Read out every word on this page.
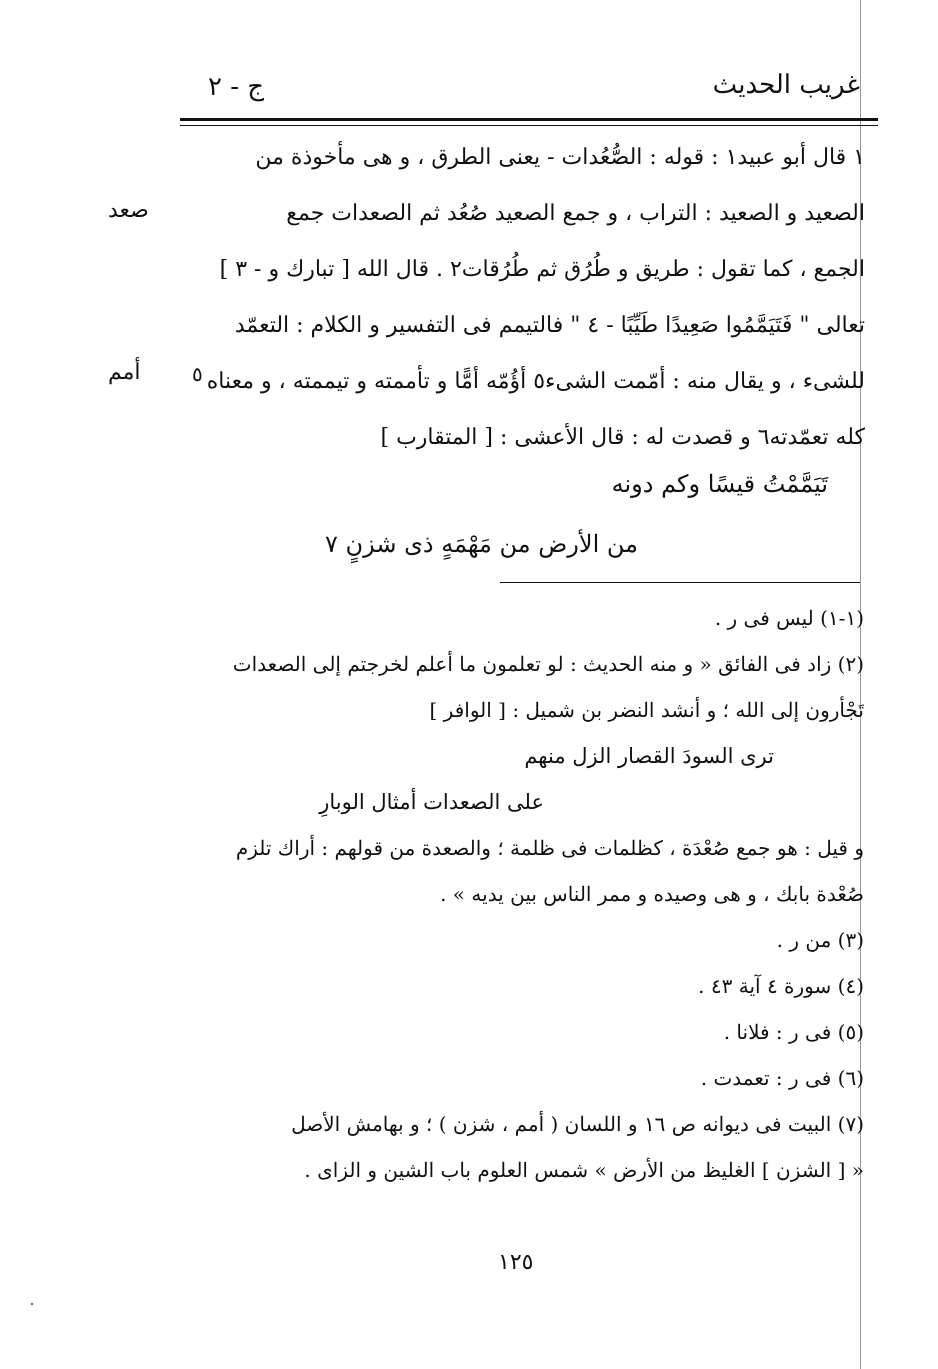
غريب الحديث
ج - ٢
١ قال أبو عبيد١ : قوله : الصُّعُدات - يعنى الطرق ، و هى مأخوذة من
الصعيد و الصعيد : التراب ، و جمع الصعيد صُعُد ثم الصعدات جمع
الجمع ، كما تقول : طريق و طُرُق ثم طُرُقات٢ . قال الله [ تبارك و - ٣ ]
تعالى " فَتَيَمَّمُوا صَعِيدًا طَيِّبًا - ٤ " فالتيمم فى التفسير و الكلام : التعمّد
للشىء ، و يقال منه : أمّمت الشىء٥ أؤُمّه أمًّا و تأممته و تيممته ، و معناه
كله تعمّدته٦ و قصدت له : قال الأعشى : [ المتقارب ]
تَيَمَّمْتُ قيسًا وكم دونه
من الأرض من مَهْمَهٍ ذى شزنٍ ٧
صعد
أمم	٥
(١-١) ليس فى ر .
(٢) زاد فى الفائق « و منه الحديث : لو تعلمون ما أعلم لخرجتم إلى الصعدات
تَجْأرون إلى الله ؛ و أنشد النضر بن شميل : [ الوافر ]
ترى السودَ القصار الزل منهم
على الصعدات أمثال الوبارِ
و قيل : هو جمع صُعْدَة ، كظلمات فى ظلمة ؛ والصعدة من قولهم : أراك تلزم
صُعْدة بابك ، و هى وصيده و ممر الناس بين يديه » .
(٣) من ر .
(٤) سورة ٤ آية ٤٣ .
(٥) فى ر : فلانا .
(٦) فى ر : تعمدت .
(٧) البيت فى ديوانه ص ١٦ و اللسان ( أمم ، شزن ) ؛ و بهامش الأصل
« [ الشزن ] الغليظ من الأرض » شمس العلوم باب الشين و الزاى .
١٢٥
